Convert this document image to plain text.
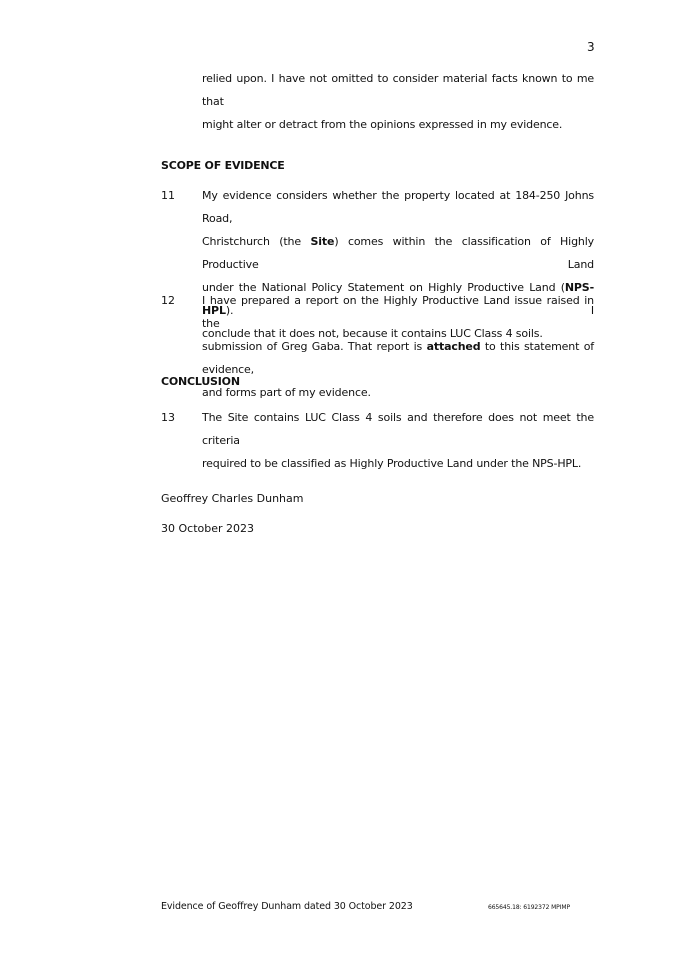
3
relied upon. I have not omitted to consider material facts known to me that
might alter or detract from the opinions expressed in my evidence.
SCOPE OF EVIDENCE
11 My evidence considers whether the property located at 184-250 Johns Road,
Christchurch (the Site) comes within the classification of Highly Productive Land
under the National Policy Statement on Highly Productive Land (NPS-HPL). I
conclude that it does not, because it contains LUC Class 4 soils.
12 I have prepared a report on the Highly Productive Land issue raised in the
submission of Greg Gaba. That report is attached to this statement of evidence,
and forms part of my evidence.
CONCLUSION
13 The Site contains LUC Class 4 soils and therefore does not meet the criteria
required to be classified as Highly Productive Land under the NPS-HPL.
Geoffrey Charles Dunham
30 October 2023
Evidence of Geoffrey Dunham dated 30 October 2023	665645.18: 6192372 MPIMP
